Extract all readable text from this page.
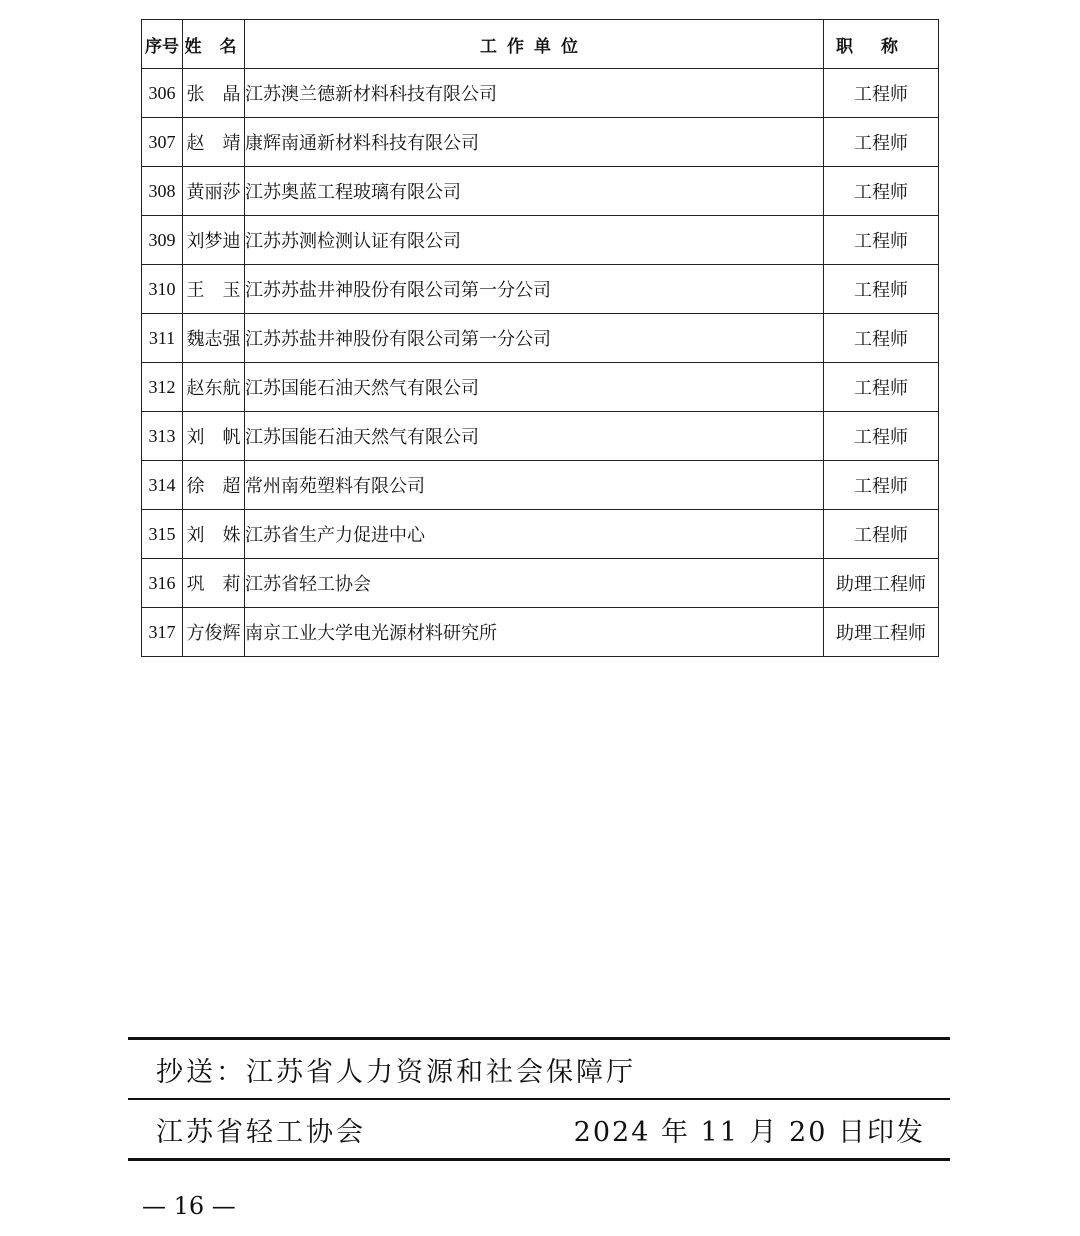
序号	姓 名	工作单位	职称
306	张　晶	江苏澳兰德新材料科技有限公司	工程师
307	赵　靖	康辉南通新材料科技有限公司	工程师
308	黄丽莎	江苏奥蓝工程玻璃有限公司	工程师
309	刘梦迪	江苏苏测检测认证有限公司	工程师
310	王　玉	江苏苏盐井神股份有限公司第一分公司	工程师
311	魏志强	江苏苏盐井神股份有限公司第一分公司	工程师
312	赵东航	江苏国能石油天然气有限公司	工程师
313	刘　帆	江苏国能石油天然气有限公司	工程师
314	徐　超	常州南苑塑料有限公司	工程师
315	刘　姝	江苏省生产力促进中心	工程师
316	巩　莉	江苏省轻工协会	助理工程师
317	方俊辉	南京工业大学电光源材料研究所	助理工程师
抄送：江苏省人力资源和社会保障厅
江苏省轻工协会	2024 年 11 月 20 日印发
— 16 —
